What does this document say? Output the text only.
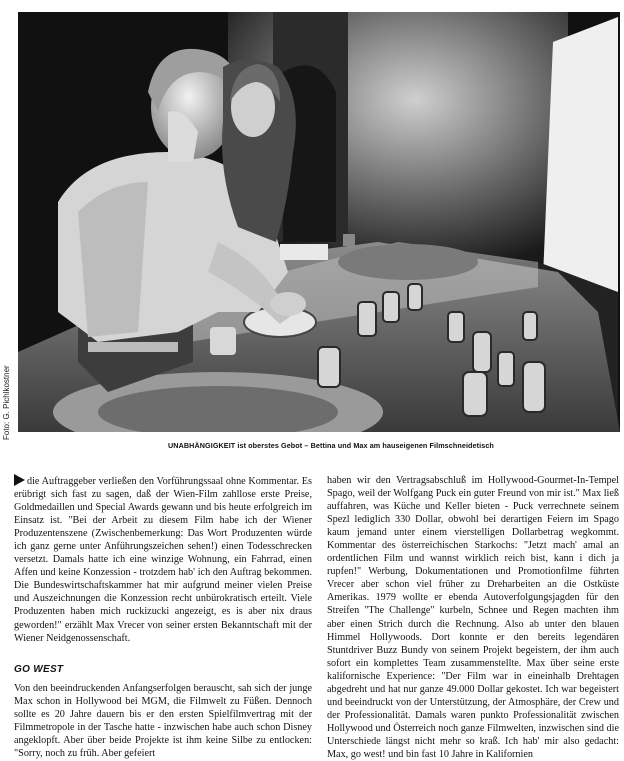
Foto: G. Pichlkostner
UNABHÄNGIGKEIT ist oberstes Gebot – Bettina und Max am hauseigenen Filmschneidetisch

die Auftraggeber verließen den Vorführungssaal ohne Kommentar. Es erübrigt sich fast zu sagen, daß der Wien-Film zahllose erste Preise, Goldmedaillen und Special Awards gewann und bis heute erfolgreich im Einsatz ist. "Bei der Arbeit zu diesem Film habe ich der Wiener Produzentenszene (Zwischenbemerkung: Das Wort Produzenten würde ich ganz gerne unter Anführungszeichen sehen!) einen Todesschrecken versetzt. Damals hatte ich eine winzige Wohnung, ein Fahrrad, einen Affen und keine Konzession - trotzdem hab' ich den Auftrag bekommen. Die Bundeswirtschaftskammer hat mir aufgrund meiner vielen Preise und Auszeichnungen die Konzession recht unbürokratisch erteilt. Viele Produzenten haben mich ruckizucki angezeigt, es is aber nix draus geworden!" erzählt Max Vrecer von seiner ersten Bekanntschaft mit der Wiener Neidgenossenschaft.

GO WEST

Von den beeindruckenden Anfangserfolgen berauscht, sah sich der junge Max schon in Hollywood bei MGM, die Filmwelt zu Füßen. Dennoch sollte es 20 Jahre dauern bis er den ersten Spielfilmvertrag mit der Filmmetropole in der Tasche hatte - inzwischen habe auch schon Disney angeklopft. Aber über beide Projekte ist ihm keine Silbe zu entlocken: "Sorry, noch zu früh. Aber gefeiert

haben wir den Vertragsabschluß im Hollywood-Gourmet-In-Tempel Spago, weil der Wolfgang Puck ein guter Freund von mir ist." Max ließ auffahren, was Küche und Keller bieten - Puck verrechnete seinem Spezl lediglich 330 Dollar, obwohl bei derartigen Feiern im Spago kaum jemand unter einem vierstelligen Dollarbetrag wegkommt. Kommentar des österreichischen Starkochs: "Jetzt mach' amal an ordentlichen Film und wannst wirklich reich bist, kann i dich ja rupfen!" Werbung, Dokumentationen und Promotionfilme führten Vrecer aber schon viel früher zu Dreharbeiten an die Ostküste Amerikas. 1979 wollte er ebenda Autoverfolgungsjagden für den Streifen "The Challenge" kurbeln, Schnee und Regen machten ihm aber einen Strich durch die Rechnung. Also ab unter den blauen Himmel Hollywoods. Dort konnte er den bereits legendären Stuntdriver Buzz Bundy von seinem Projekt begeistern, der ihm auch sofort ein komplettes Team zusammenstellte. Max über seine erste kalifornische Experience: "Der Film war in eineinhalb Drehtagen abgedreht und hat nur ganze 49.000 Dollar gekostet. Ich war begeistert und beeindruckt von der Unterstützung, der Atmosphäre, der Crew und der Professionalität. Damals waren punkto Professionalität zwischen Hollywood und Österreich noch ganze Filmwelten, inzwischen sind die Unterschiede längst nicht mehr so kraß. Ich hab' mir also gedacht: Max, go west! und bin fast 10 Jahre in Kalifornien
